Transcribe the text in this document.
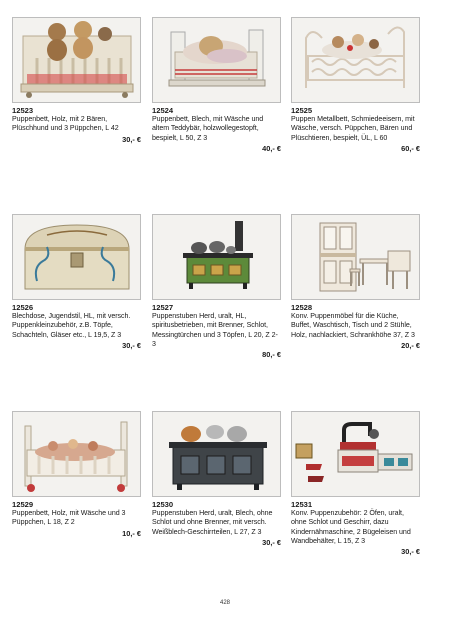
12523
Puppenbett, Holz, mit 2 Bären, Plüschhund und 3 Püppchen, L 42
30,- €
12524
Puppenbett, Blech, mit Wäsche und altem Teddybär, holzwollegestopft, bespielt, L 50, Z 3
40,- €
12525
Puppen Metallbett, Schmiedeeisern, mit Wäsche, versch. Püppchen, Bären und Plüschtieren, bespielt, ÜL, L 60
60,- €
12526
Blechdose, Jugendstil, HL, mit versch. Puppenkleinzubehör, z.B. Töpfe, Schachteln, Gläser etc., L 19,5, Z 3
30,- €
12527
Puppenstuben Herd, uralt, HL, spiritusbetrieben, mit Brenner, Schlot, Messingtürchen und 3 Töpfen, L 20, Z 2-3
80,- €
12528
Konv. Puppenmöbel für die Küche, Buffet, Waschtisch, Tisch und 2 Stühle, Holz, nachlackiert, Schrankhöhe 37, Z 3
20,- €
12529
Puppenbett, Holz, mit Wäsche und 3 Püppchen, L 18, Z 2
10,- €
12530
Puppenstuben Herd, uralt, Blech, ohne Schlot und ohne Brenner, mit versch. Weißblech-Geschirrteilen, L 27, Z 3
30,- €
12531
Konv. Puppenzubehör: 2 Öfen, uralt, ohne Schlot und Geschirr, dazu Kindernähmaschine, 2 Bügeleisen und Wandbehälter, L 15, Z 3
30,- €
428
